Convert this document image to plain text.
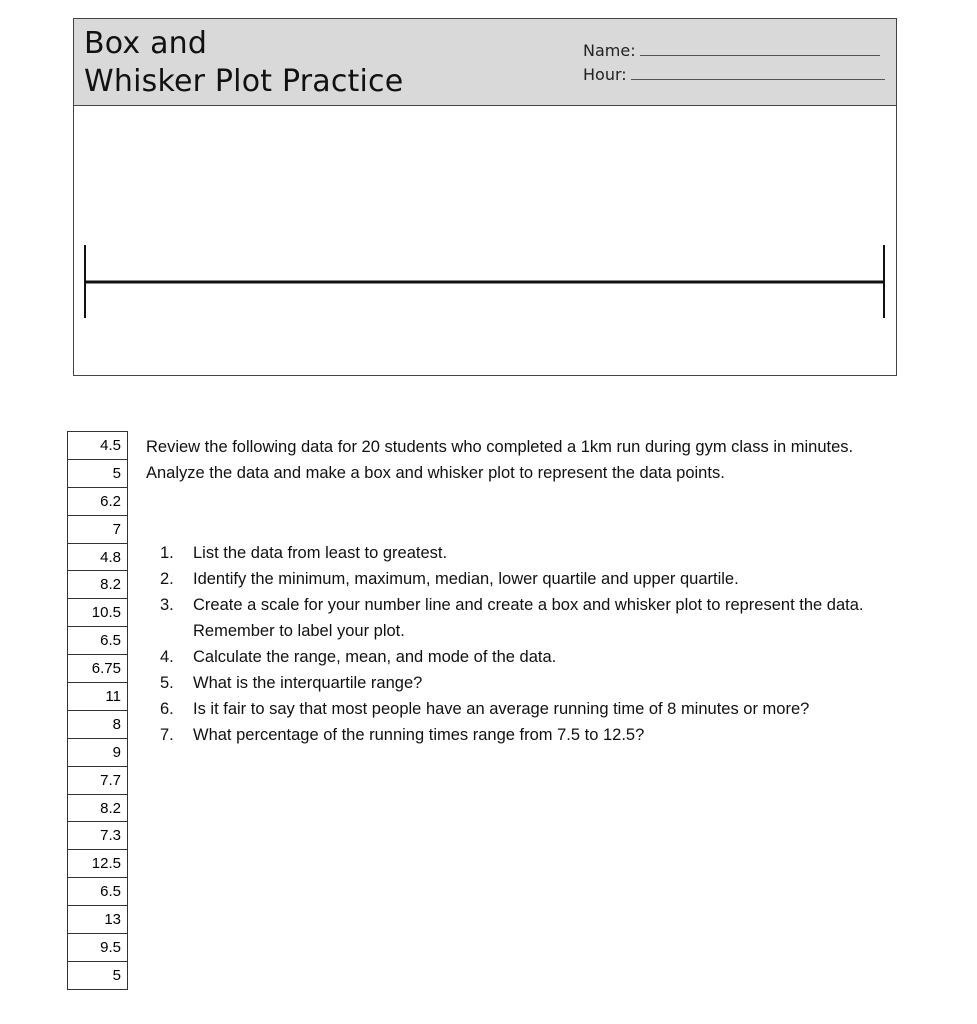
Box and
Whisker Plot Practice
Name:
Hour:
4.5
5
6.2
7
4.8
8.2
10.5
6.5
6.75
11
8
9
7.7
8.2
7.3
12.5
6.5
13
9.5
5

Review the following data for 20 students who completed a 1km run during gym class in minutes. Analyze the data and make a box and whisker plot to represent the data points.

1.	List the data from least to greatest.
2.	Identify the minimum, maximum, median, lower quartile and upper quartile.
3.	Create a scale for your number line and create a box and whisker plot to represent the data. Remember to label your plot.
4.	Calculate the range, mean, and mode of the data.
5.	What is the interquartile range?
6.	Is it fair to say that most people have an average running time of 8 minutes or more?
7.	What percentage of the running times range from 7.5 to 12.5?
